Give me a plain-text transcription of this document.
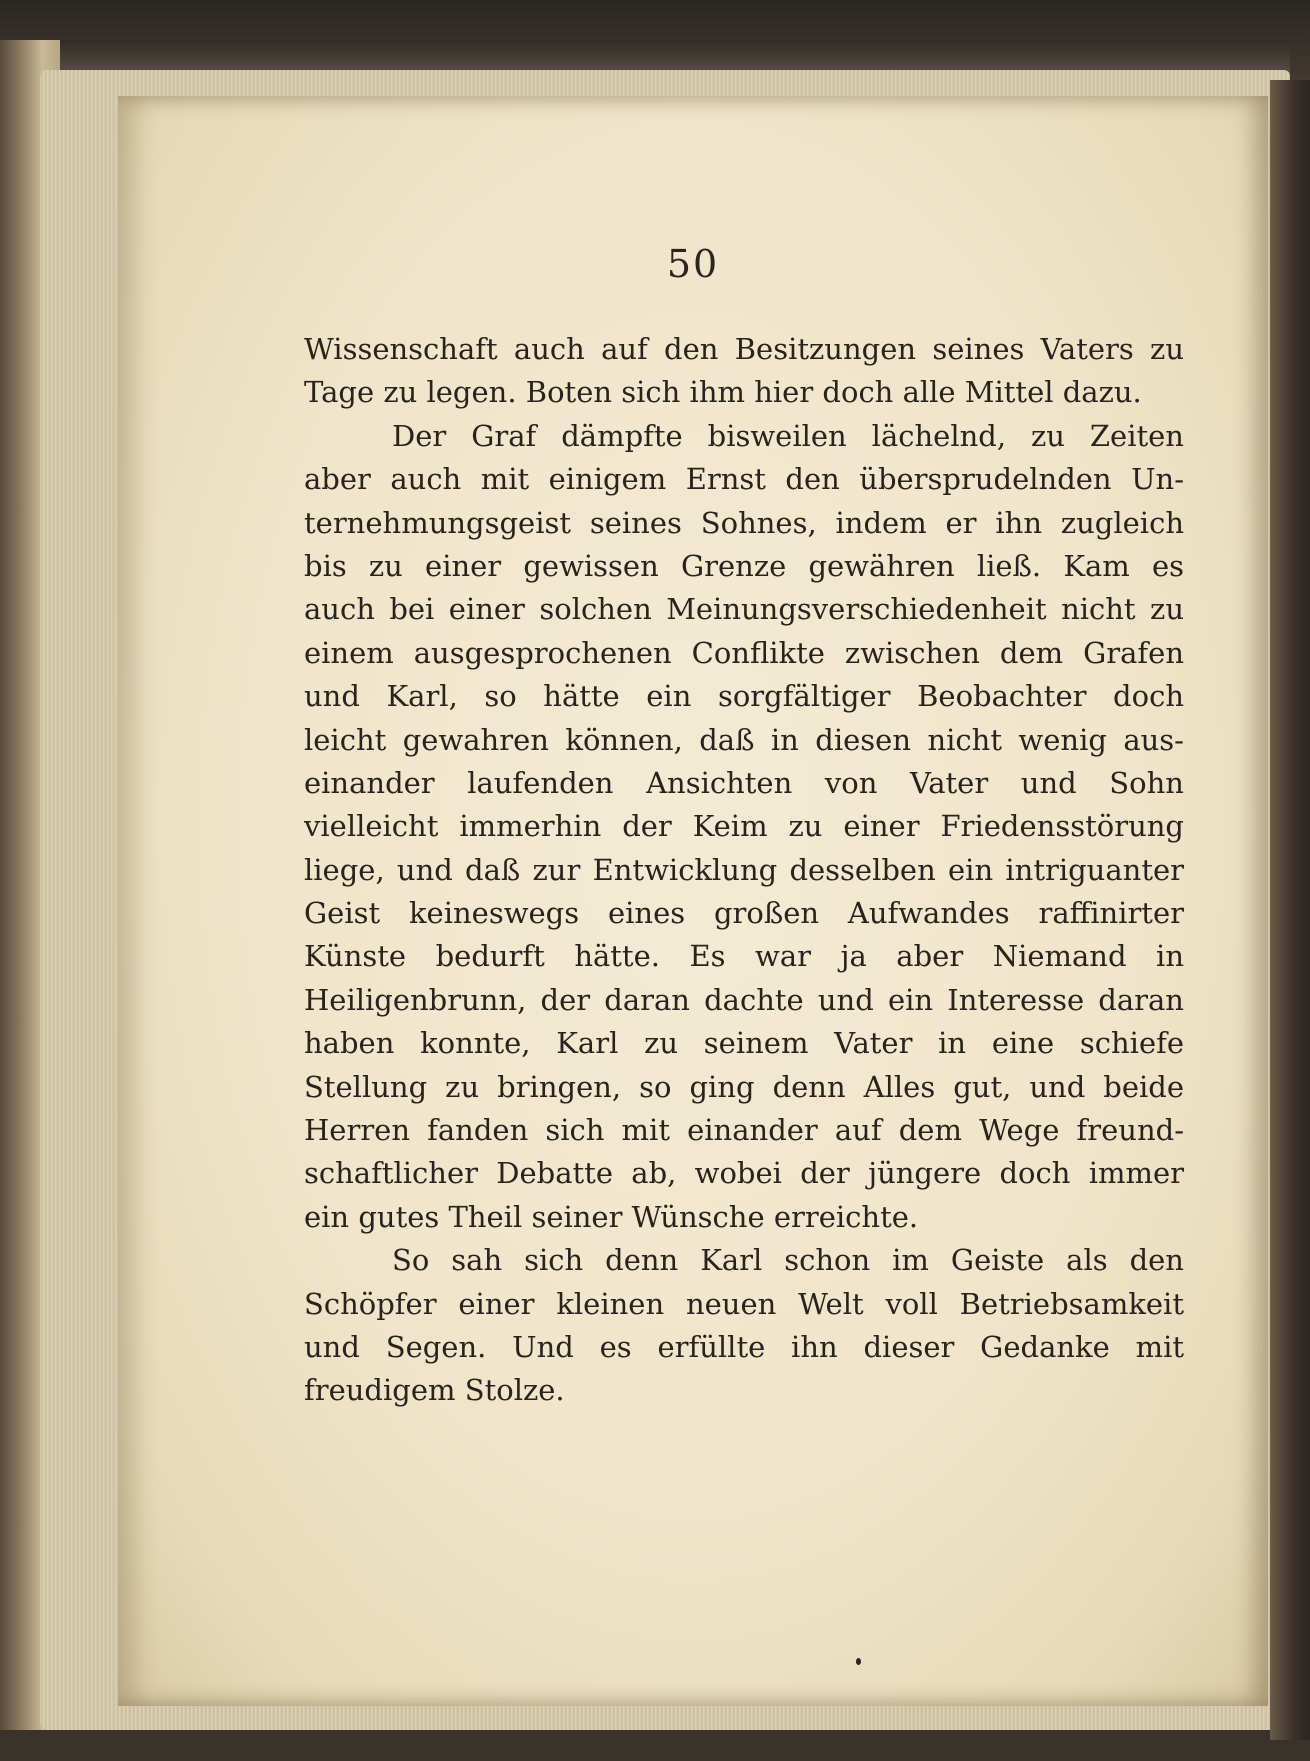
50
Wissenschaft auch auf den Besitzungen seines Vaters zu
Tage zu legen. Boten sich ihm hier doch alle Mittel dazu.
Der Graf dämpfte bisweilen lächelnd, zu Zeiten
aber auch mit einigem Ernst den übersprudelnden Un-
ternehmungsgeist seines Sohnes, indem er ihn zugleich
bis zu einer gewissen Grenze gewähren ließ. Kam es
auch bei einer solchen Meinungsverschiedenheit nicht zu
einem ausgesprochenen Conflikte zwischen dem Grafen
und Karl, so hätte ein sorgfältiger Beobachter doch
leicht gewahren können, daß in diesen nicht wenig aus-
einander laufenden Ansichten von Vater und Sohn
vielleicht immerhin der Keim zu einer Friedensstörung
liege, und daß zur Entwicklung desselben ein intriguanter
Geist keineswegs eines großen Aufwandes raffinirter
Künste bedurft hätte. Es war ja aber Niemand in
Heiligenbrunn, der daran dachte und ein Interesse daran
haben konnte, Karl zu seinem Vater in eine schiefe
Stellung zu bringen, so ging denn Alles gut, und beide
Herren fanden sich mit einander auf dem Wege freund-
schaftlicher Debatte ab, wobei der jüngere doch immer
ein gutes Theil seiner Wünsche erreichte.
So sah sich denn Karl schon im Geiste als den
Schöpfer einer kleinen neuen Welt voll Betriebsamkeit
und Segen. Und es erfüllte ihn dieser Gedanke mit
freudigem Stolze.
